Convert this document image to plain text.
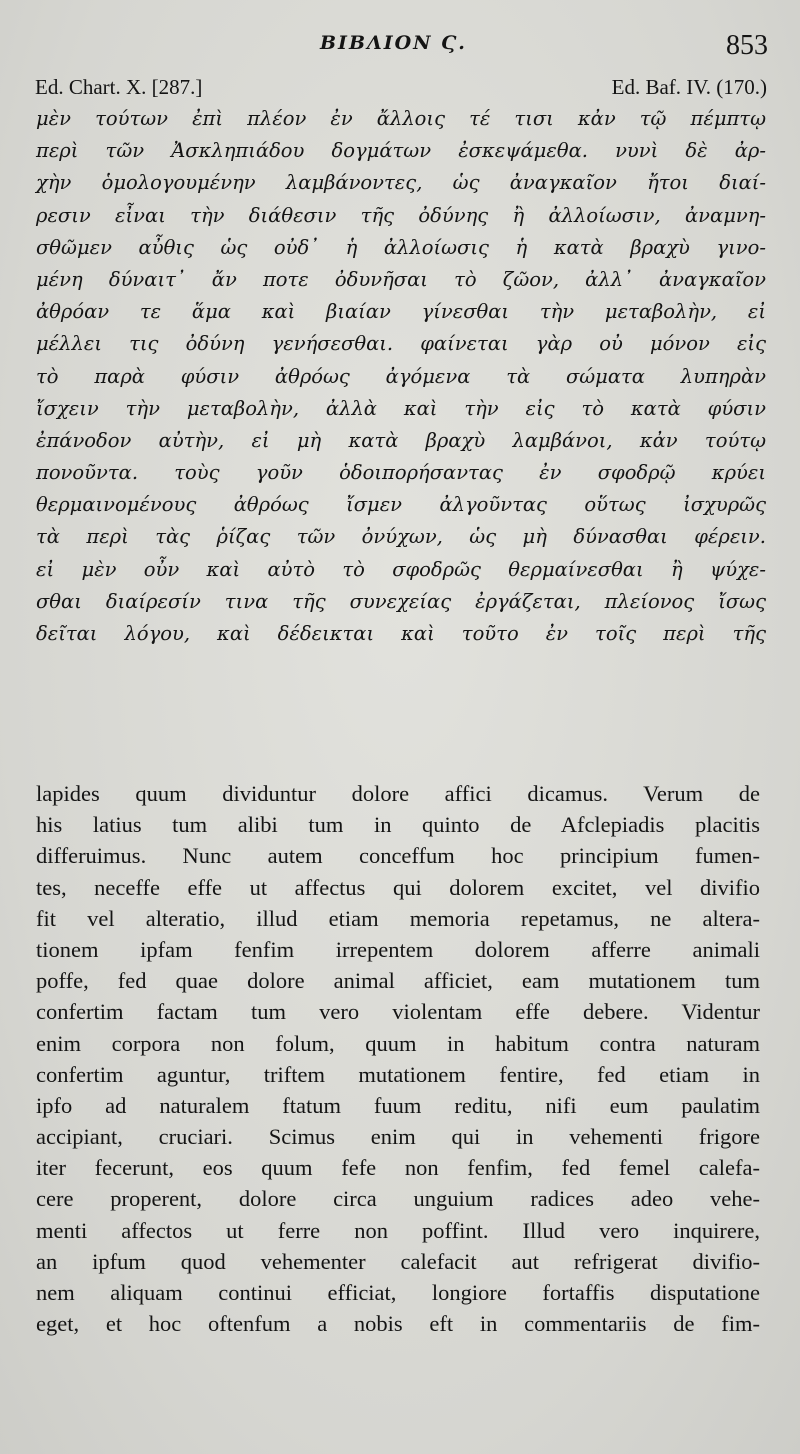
ΒΙΒΛΙΟΝ Ϛ.	853
Ed. Chart. X. [287.]	Ed. Baf. IV. (170.)
μὲν τούτων ἐπὶ πλέον ἐν ἄλλοις τέ τισι κἀν τῷ πέμπτῳ
περὶ τῶν Ἀσκληπιάδου δογμάτων ἐσκεψάμεθα. νυνὶ δὲ ἀρ-
χὴν ὁμολογουμένην λαμβάνοντες, ὡς ἀναγκαῖον ἤτοι διαί-
ρεσιν εἶναι τὴν διάθεσιν τῆς ὀδύνης ἢ ἀλλοίωσιν, ἀναμνη-
σθῶμεν αὖθις ὡς οὐδ᾽ ἡ ἀλλοίωσις ἡ κατὰ βραχὺ γινο-
μένη δύναιτ᾽ ἄν ποτε ὀδυνῆσαι τὸ ζῶον, ἀλλ᾽ ἀναγκαῖον
ἀθρόαν τε ἅμα καὶ βιαίαν γίνεσθαι τὴν μεταβολὴν, εἰ
μέλλει τις ὀδύνη γενήσεσθαι. φαίνεται γὰρ οὐ μόνον εἰς
τὸ παρὰ φύσιν ἀθρόως ἀγόμενα τὰ σώματα λυπηρὰν
ἴσχειν τὴν μεταβολὴν, ἀλλὰ καὶ τὴν εἰς τὸ κατὰ φύσιν
ἐπάνοδον αὐτὴν, εἰ μὴ κατὰ βραχὺ λαμβάνοι, κἀν τούτῳ
πονοῦντα. τοὺς γοῦν ὁδοιπορήσαντας ἐν σφοδρῷ κρύει
θερμαινομένους ἀθρόως ἴσμεν ἀλγοῦντας οὕτως ἰσχυρῶς
τὰ περὶ τὰς ῥίζας τῶν ὀνύχων, ὡς μὴ δύνασθαι φέρειν.
εἰ μὲν οὖν καὶ αὐτὸ τὸ σφοδρῶς θερμαίνεσθαι ἢ ψύχε-
σθαι διαίρεσίν τινα τῆς συνεχείας ἐργάζεται, πλείονος ἴσως
δεῖται λόγου, καὶ δέδεικται καὶ τοῦτο ἐν τοῖς περὶ τῆς
lapides quum dividuntur dolore affici dicamus. Verum de
his latius tum alibi tum in quinto de Afclepiadis placitis
differuimus. Nunc autem conceffum hoc principium fumen-
tes, neceffe effe ut affectus qui dolorem excitet, vel divifio
fit vel alteratio, illud etiam memoria repetamus, ne altera-
tionem ipfam fenfim irrepentem dolorem afferre animali
poffe, fed quae dolore animal afficiet, eam mutationem tum
confertim factam tum vero violentam effe debere. Videntur
enim corpora non folum, quum in habitum contra naturam
confertim aguntur, triftem mutationem fentire, fed etiam in
ipfo ad naturalem ftatum fuum reditu, nifi eum paulatim
accipiant, cruciari. Scimus enim qui in vehementi frigore
iter fecerunt, eos quum fefe non fenfim, fed femel calefa-
cere properent, dolore circa unguium radices adeo vehe-
menti affectos ut ferre non poffint. Illud vero inquirere,
an ipfum quod vehementer calefacit aut refrigerat divifio-
nem aliquam continui efficiat, longiore fortaffis disputatione
eget, et hoc oftenfum a nobis eft in commentariis de fim-
